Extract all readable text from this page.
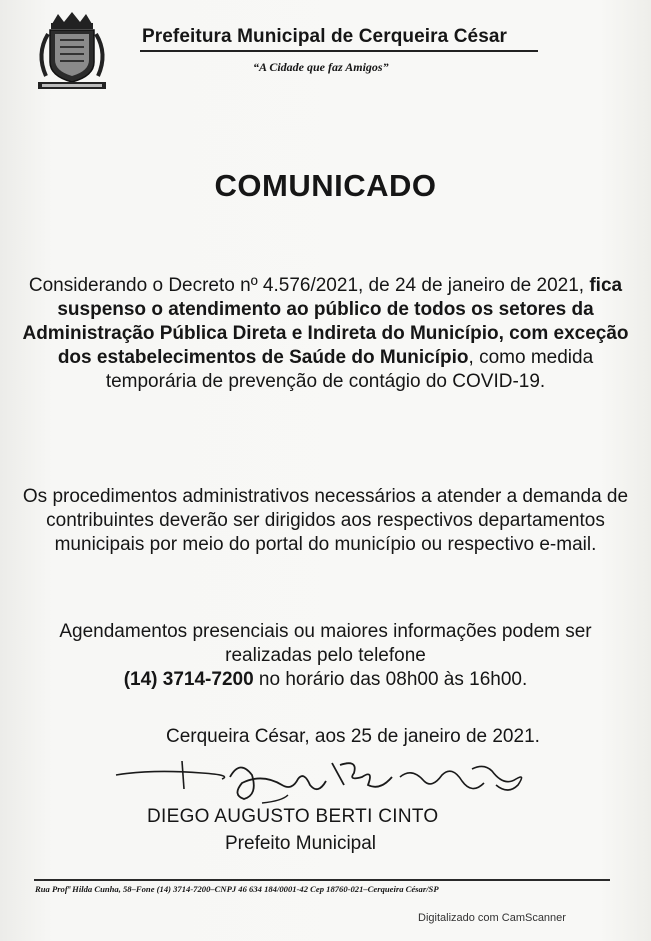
Prefeitura Municipal de Cerqueira César
“A Cidade que faz Amigos”
COMUNICADO
Considerando o Decreto nº 4.576/2021, de 24 de janeiro de 2021, fica suspenso o atendimento ao público de todos os setores da Administração Pública Direta e Indireta do Município, com exceção dos estabelecimentos de Saúde do Município, como medida temporária de prevenção de contágio do COVID-19.
Os procedimentos administrativos necessários a atender a demanda de contribuintes deverão ser dirigidos aos respectivos departamentos municipais por meio do portal do município ou respectivo e-mail.
Agendamentos presenciais ou maiores informações podem ser realizadas pelo telefone
(14) 3714-7200 no horário das 08h00 às 16h00.
Cerqueira César, aos 25 de janeiro de 2021.
DIEGO AUGUSTO BERTI CINTO
Prefeito Municipal
Rua Profª Hilda Cunha, 58–Fone (14) 3714-7200–CNPJ 46 634 184/0001-42 Cep 18760-021–Cerqueira César/SP
Digitalizado com CamScanner
